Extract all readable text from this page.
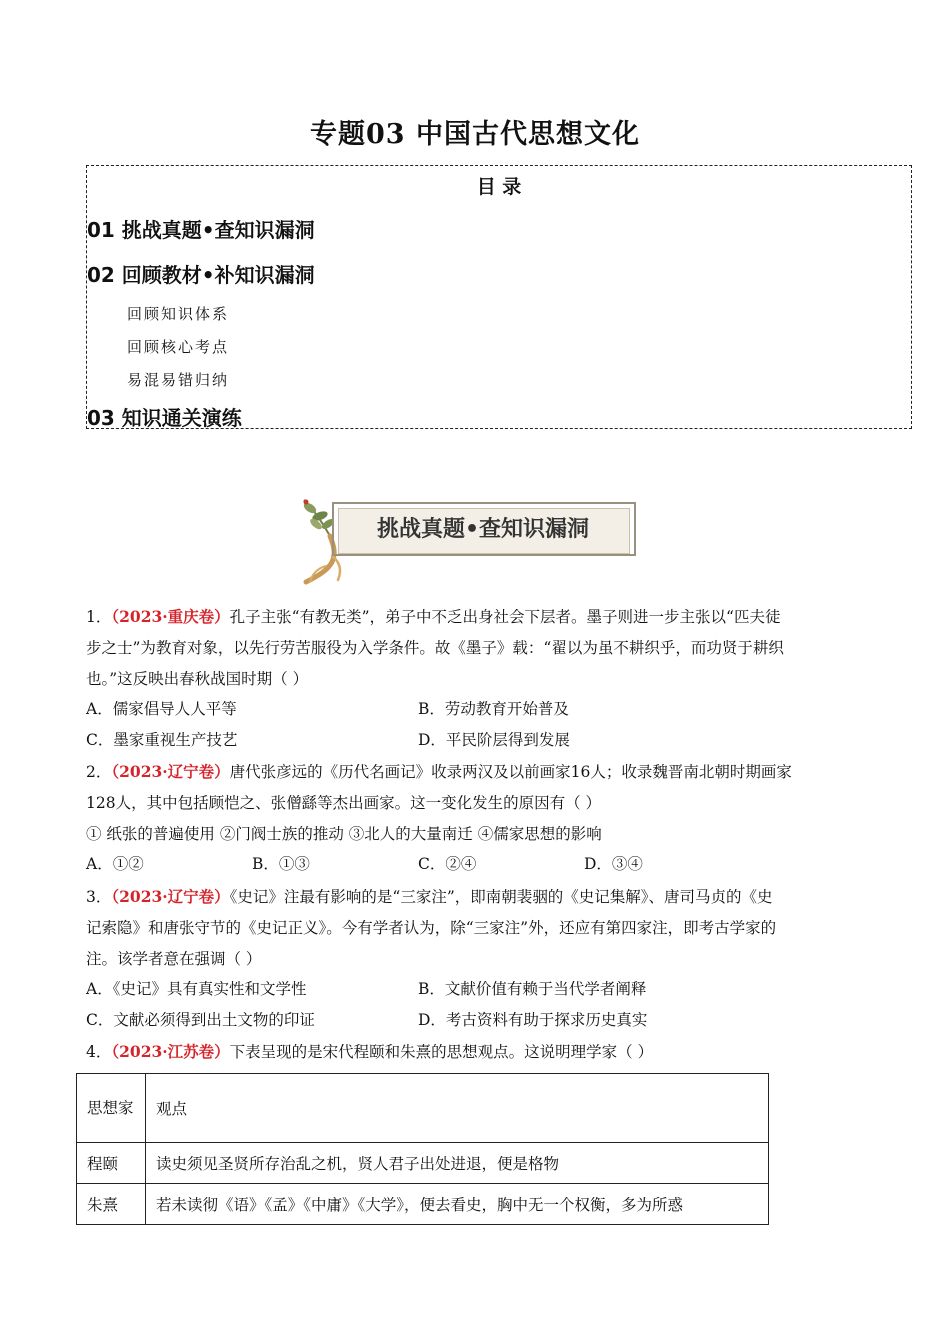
专题03 中国古代思想文化
目 录
01 挑战真题•查知识漏洞
02 回顾教材•补知识漏洞
回顾知识体系
回顾核心考点
易混易错归纳
03 知识通关演练
挑战真题•查知识漏洞
1．（2023·重庆卷）孔子主张“有教无类”，弟子中不乏出身社会下层者。墨子则进一步主张以“匹夫徒
步之士”为教育对象，以先行劳苦服役为入学条件。故《墨子》载：“翟以为虽不耕织乎，而功贤于耕织
也。”这反映出春秋战国时期（ ）
A．儒家倡导人人平等	B．劳动教育开始普及
C．墨家重视生产技艺	D．平民阶层得到发展
2．（2023·辽宁卷）唐代张彦远的《历代名画记》收录两汉及以前画家16人；收录魏晋南北朝时期画家
128人，其中包括顾恺之、张僧繇等杰出画家。这一变化发生的原因有（ ）
① 纸张的普遍使用 ②门阀士族的推动 ③北人的大量南迁 ④儒家思想的影响
A．①②	B．①③	C．②④	D．③④
3．（2023·辽宁卷）《史记》注最有影响的是“三家注”，即南朝裴骃的《史记集解》、唐司马贞的《史
记索隐》和唐张守节的《史记正义》。今有学者认为，除“三家注”外，还应有第四家注，即考古学家的
注。该学者意在强调（ ）
A．《史记》具有真实性和文学性	B．文献价值有赖于当代学者阐释
C．文献必须得到出土文物的印证	D．考古资料有助于探求历史真实
4．（2023·江苏卷）下表呈现的是宋代程颐和朱熹的思想观点。这说明理学家（ ）
思想家	观点
程颐	读史须见圣贤所存治乱之机，贤人君子出处进退，便是格物
朱熹	若未读彻《语》《孟》《中庸》《大学》，便去看史，胸中无一个权衡，多为所惑
